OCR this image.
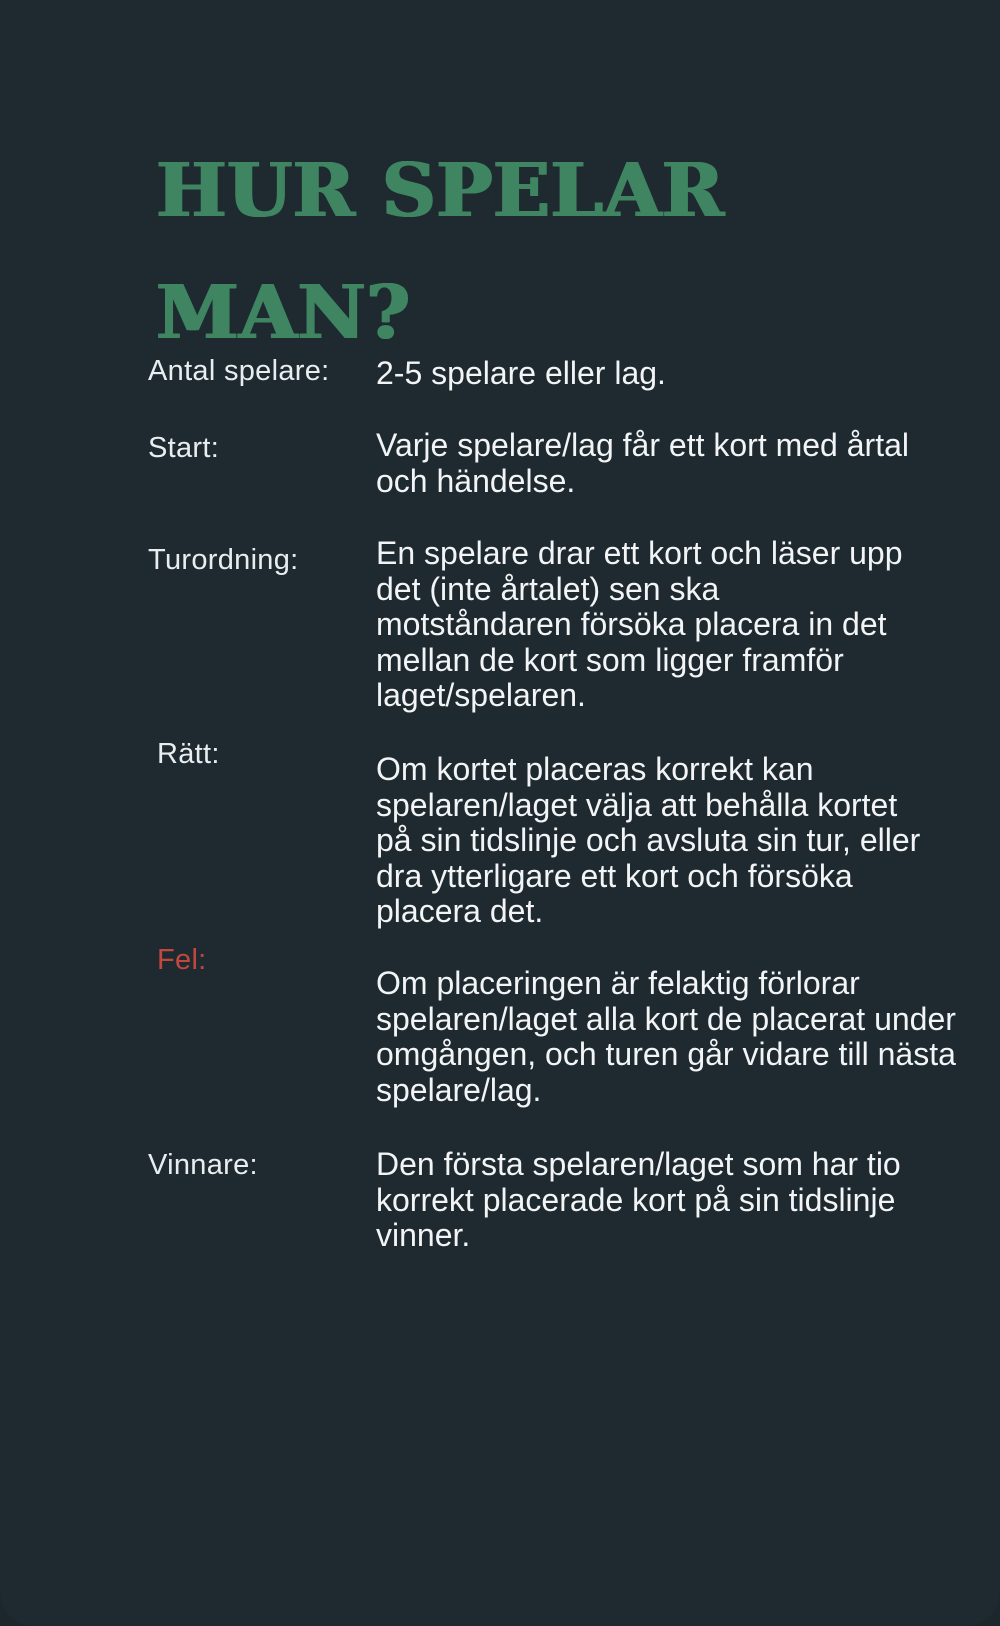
HUR SPELAR
MAN?
Antal spelare: 2-5 spelare eller lag.
Start:	Varje spelare/lag får ett kort med årtal och händelse.
Turordning: En spelare drar ett kort och läser upp det (inte årtalet) sen ska motståndaren försöka placera in det mellan de kort som ligger framför laget/spelaren.
Rätt:	Om kortet placeras korrekt kan spelaren/laget välja att behålla kortet på sin tidslinje och avsluta sin tur, eller dra ytterligare ett kort och försöka placera det.
Fel:
Om placeringen är felaktig förlorar spelaren/laget alla kort de placerat under omgången, och turen går vidare till nästa spelare/lag.
Vinnare:	Den första spelaren/laget som har tio korrekt placerade kort på sin tidslinje vinner.
